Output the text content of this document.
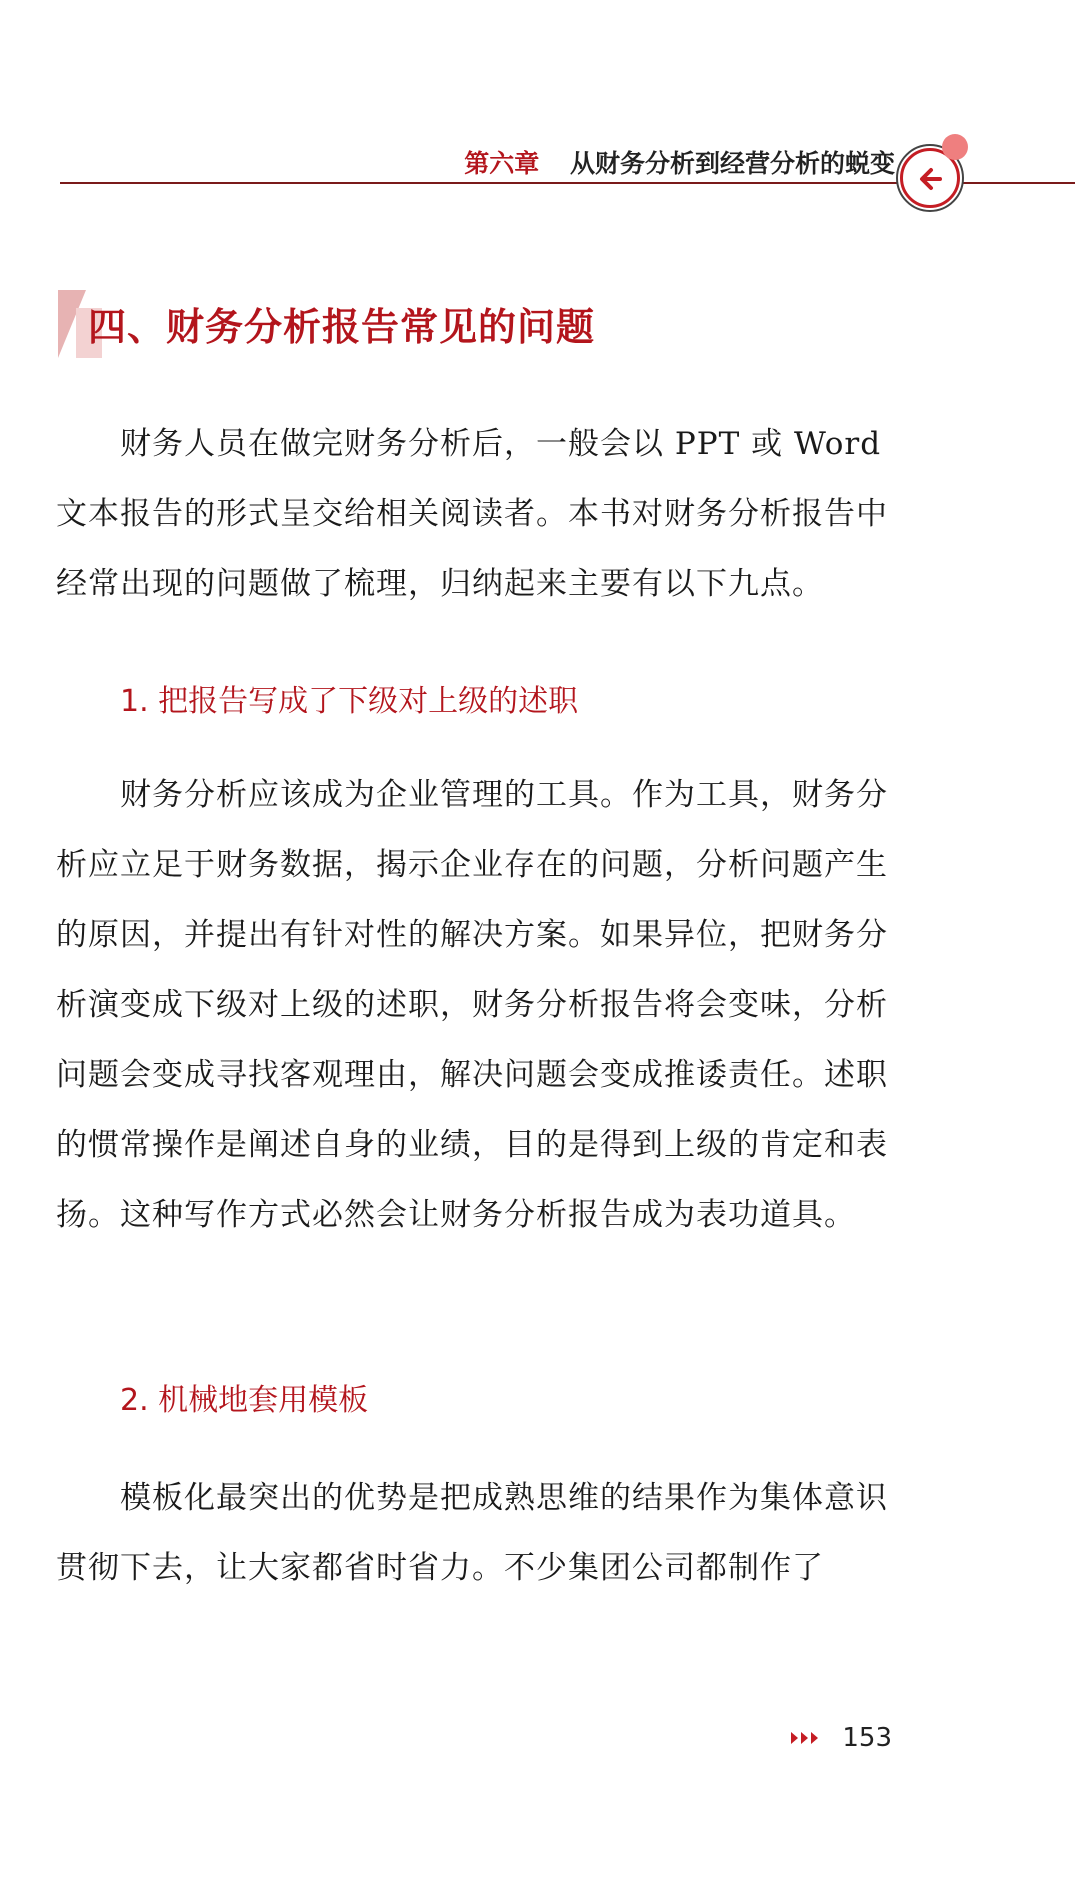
第六章 从财务分析到经营分析的蜕变
四、财务分析报告常见的问题

财务人员在做完财务分析后，一般会以 PPT 或 Word 文本报告的形式呈交给相关阅读者。本书对财务分析报告中经常出现的问题做了梳理，归纳起来主要有以下九点。

1. 把报告写成了下级对上级的述职

财务分析应该成为企业管理的工具。作为工具，财务分析应立足于财务数据，揭示企业存在的问题，分析问题产生的原因，并提出有针对性的解决方案。如果异位，把财务分析演变成下级对上级的述职，财务分析报告将会变味，分析问题会变成寻找客观理由，解决问题会变成推诿责任。述职的惯常操作是阐述自身的业绩，目的是得到上级的肯定和表扬。这种写作方式必然会让财务分析报告成为表功道具。

2. 机械地套用模板

模板化最突出的优势是把成熟思维的结果作为集体意识贯彻下去，让大家都省时省力。不少集团公司都制作了

153
